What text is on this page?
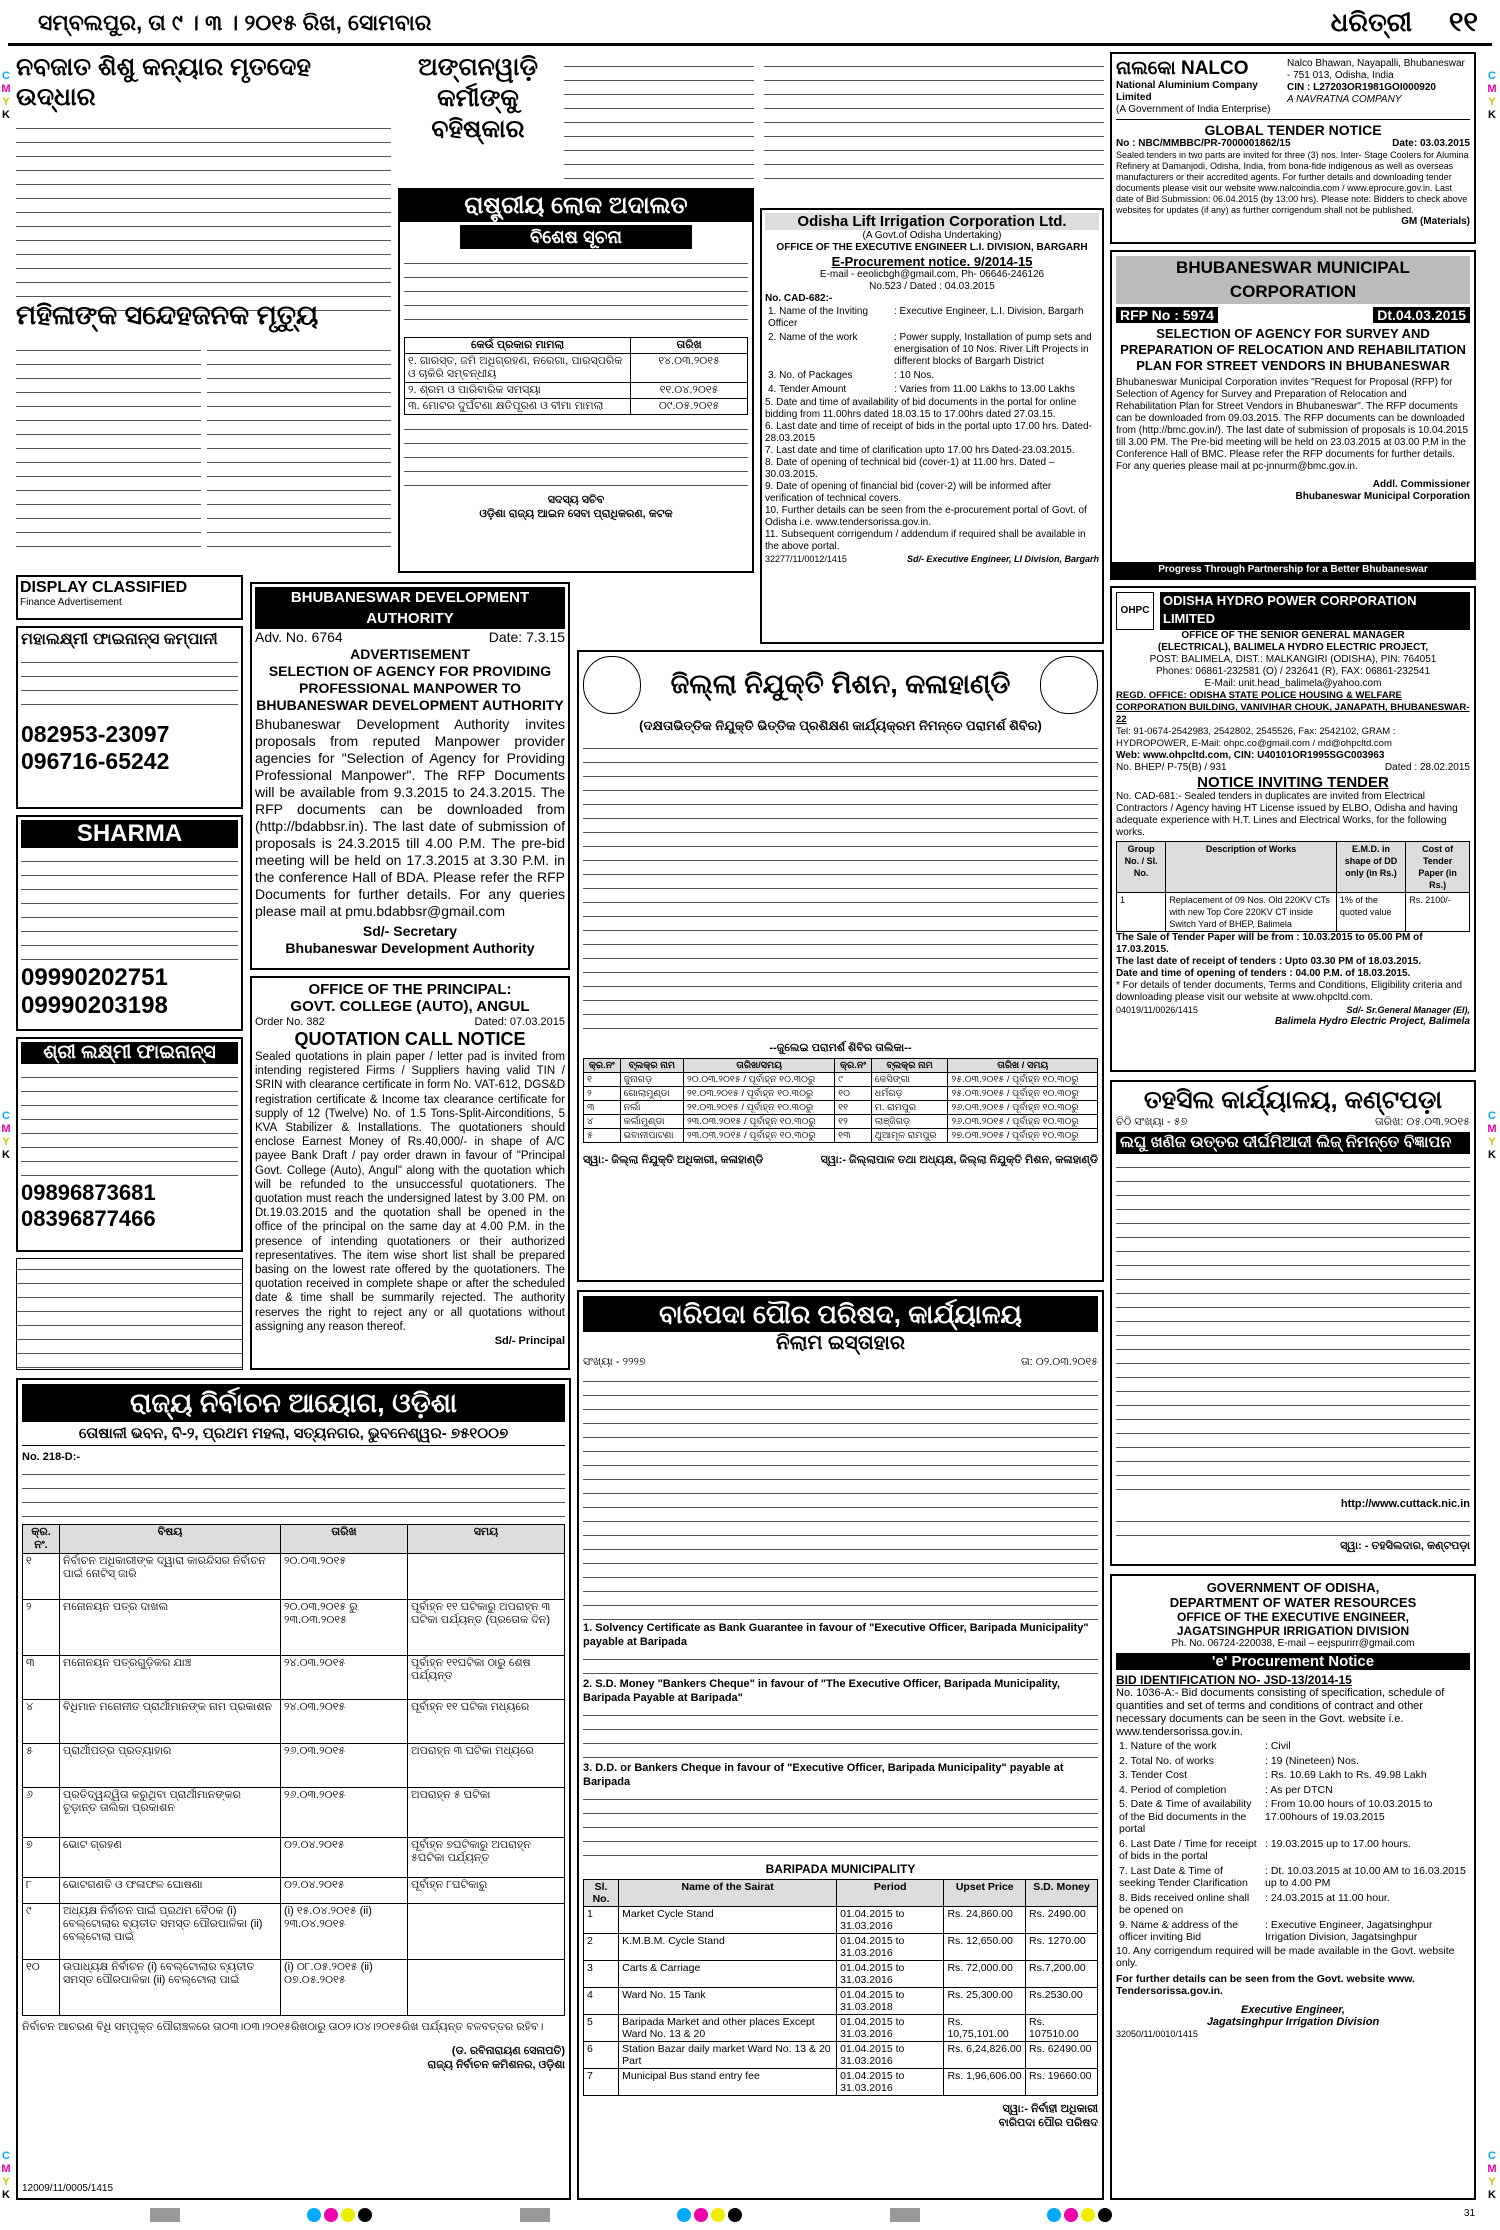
ସମ୍ବଲପୁର, ତା ୯ । ୩ । ୨୦୧୫ ରିଖ, ସୋମବାର	ଧରିତ୍ରୀ ୧୧
C
M
Y
K
C
M
Y
K
C
M
Y
K
C
M
Y
K
C
M
Y
K
C
M
Y
K
ନବଜାତ ଶିଶୁ କନ୍ୟାର ମୃତଦେହ ଉଦ୍ଧାର
ମହିଳାଙ୍କ ସନ୍ଦେହଜନକ ମୃତ୍ୟୁ
ଅଙ୍ଗନୱାଡ଼ି କର୍ମୀଙ୍କୁ ବହିଷ୍କାର
ନାଲକୋ NALCO
National Aluminium Company Limited
(A Government of India Enterprise)
Nalco Bhawan, Nayapalli, Bhubaneswar - 751 013, Odisha, India
CIN : L27203OR1981GOI000920
A NAVRATNA COMPANY
GLOBAL TENDER NOTICE
No : NBC/MMBBC/PR-7000001862/15	Date: 03.03.2015
Sealed tenders in two parts are invited for three (3) nos. Inter- Stage Coolers for Alumina Refinery at Damanjodi, Odisha, India, from bona-fide indigenous as well as overseas manufacturers or their accredited agents. For further details and downloading tender documents please visit our website www.nalcoindia.com / www.eprocure.gov.in. Last date of Bid Submission: 06.04.2015 (by 13:00 hrs). Please note: Bidders to check above websites for updates (if any) as further corrigendum shall not be published.
GM (Materials)
ରାଷ୍ଟ୍ରୀୟ ଲୋକ ଅଦାଲତ
ବିଶେଷ ସୂଚନା
କେଉଁ ପ୍ରକାର ମାମଲା	ତାରିଖ
୧. ଗାରସ୍ତ, ଜମି ଅଧିଗ୍ରହଣ, ନରେଗା, ପାରସ୍ପରିକ ଓ ଚାକିରି ସମ୍ବନ୍ଧୀୟ	୧୪.୦୩.୨୦୧୫
୨. ଶ୍ରମ ଓ ପାରିବାରିକ ସମସ୍ୟା	୧୧.୦୪.୨୦୧୫
୩. ମୋଟର ଦୁର୍ଘଟଣା କ୍ଷତିପୂରଣ ଓ ବୀମା ମାମଲା	୦୯.୦୫.୨୦୧୫
ସଦସ୍ୟ ସଚିବ
ଓଡ଼ିଶା ରାଜ୍ୟ ଆଇନ ସେବା ପ୍ରାଧିକରଣ, କଟକ
Odisha Lift Irrigation Corporation Ltd.
(A Govt.of Odisha Undertaking)
OFFICE OF THE EXECUTIVE ENGINEER L.I. DIVISION, BARGARH
E-Procurement notice. 9/2014-15
E-mail - eeolicbgh@gmail.com, Ph- 06646-246126
No.523 / Dated : 04.03.2015
No. CAD-682:-
1. Name of the Inviting Officer	: Executive Engineer, L.I. Division, Bargarh
2. Name of the work	: Power supply, Installation of pump sets and energisation of 10 Nos. River Lift Projects in different blocks of Bargarh District
3. No. of Packages	: 10 Nos.
4. Tender Amount	: Varies from 11.00 Lakhs to 13.00 Lakhs
5. Date and time of availability of bid documents in the portal for online bidding from 11.00hrs dated 18.03.15 to 17.00hrs dated 27.03.15.
6. Last date and time of receipt of bids in the portal upto 17.00 hrs. Dated-28.03.2015
7. Last date and time of clarification upto 17.00 hrs Dated-23.03.2015.
8. Date of opening of technical bid (cover-1) at 11.00 hrs. Dated – 30.03.2015.
9. Date of opening of financial bid (cover-2) will be informed after verification of technical covers.
10. Further details can be seen from the e-procurement portal of Govt. of Odisha i.e. www.tendersorissa.gov.in.
11. Subsequent corrigendum / addendum if required shall be available in the above portal.
32277/11/0012/1415	Sd/- Executive Engineer, LI Division, Bargarh
BHUBANESWAR MUNICIPAL CORPORATION
RFP No : 5974	Dt.04.03.2015
SELECTION OF AGENCY FOR SURVEY AND PREPARATION OF RELOCATION AND REHABILITATION PLAN FOR STREET VENDORS IN BHUBANESWAR
Bhubaneswar Municipal Corporation invites "Request for Proposal (RFP) for Selection of Agency for Survey and Preparation of Relocation and Rehabilitation Plan for Street Vendors in Bhubaneswar". The RFP documents can be downloaded from 09.03.2015. The RFP documents can be downloaded from (http://bmc.gov.in/). The last date of submission of proposals is 10.04.2015 till 3.00 PM. The Pre-bid meeting will be held on 23.03.2015 at 03.00 P.M in the Conference Hall of BMC. Please refer the RFP documents for further details. For any queries please mail at pc-jnnurm@bmc.gov.in.
Addl. Commissioner
Bhubaneswar Municipal Corporation
Progress Through Partnership for a Better Bhubaneswar
DISPLAY CLASSIFIED
Finance Advertisement
ମହାଲକ୍ଷ୍ମୀ ଫାଇନାନ୍ସ କମ୍ପାନୀ
082953-23097
096716-65242
SHARMA
09990202751
09990203198
ଶ୍ରୀ ଲକ୍ଷ୍ମୀ ଫାଇନାନ୍ସ
09896873681
08396877466
BHUBANESWAR DEVELOPMENT AUTHORITY
Adv. No. 6764	Date: 7.3.15
ADVERTISEMENT
SELECTION OF AGENCY FOR PROVIDING PROFESSIONAL MANPOWER TO BHUBANESWAR DEVELOPMENT AUTHORITY
Bhubaneswar Development Authority invites proposals from reputed Manpower provider agencies for "Selection of Agency for Providing Professional Manpower". The RFP Documents will be available from 9.3.2015 to 24.3.2015. The RFP documents can be downloaded from (http://bdabbsr.in). The last date of submission of proposals is 24.3.2015 till 4.00 P.M. The pre-bid meeting will be held on 17.3.2015 at 3.30 P.M. in the conference Hall of BDA. Please refer the RFP Documents for further details. For any queries please mail at pmu.bdabbsr@gmail.com
Sd/- Secretary
Bhubaneswar Development Authority
OFFICE OF THE PRINCIPAL:
GOVT. COLLEGE (AUTO), ANGUL
Order No. 382	Dated: 07.03.2015
QUOTATION CALL NOTICE
Sealed quotations in plain paper / letter pad is invited from intending registered Firms / Suppliers having valid TIN / SRIN with clearance certificate in form No. VAT-612, DGS&D registration certificate & Income tax clearance certificate for supply of 12 (Twelve) No. of 1.5 Tons-Split-Airconditions, 5 KVA Stabilizer & Installations. The quotationers should enclose Earnest Money of Rs.40,000/- in shape of A/C payee Bank Draft / pay order drawn in favour of "Principal Govt. College (Auto), Angul" along with the quotation which will be refunded to the unsuccessful quotationers. The quotation must reach the undersigned latest by 3.00 PM. on Dt.19.03.2015 and the quotation shall be opened in the office of the principal on the same day at 4.00 P.M. in the presence of intending quotationers or their authorized representatives. The item wise short list shall be prepared basing on the lowest rate offered by the quotationers. The quotation received in complete shape or after the scheduled date & time shall be summarily rejected. The authority reserves the right to reject any or all quotations without assigning any reason thereof.
Sd/- Principal
ଜିଲ୍ଲା ନିଯୁକ୍ତି ମିଶନ, କଳାହାଣ୍ଡି
(ଦକ୍ଷତାଭିତ୍ତିକ ନିଯୁକ୍ତି ଭିତ୍ତିକ ପ୍ରଶିକ୍ଷଣ କାର୍ଯ୍ୟକ୍ରମ ନିମନ୍ତେ ପରାମର୍ଶ ଶିବିର)
--ଜୁଲେଇ ପରାମର୍ଶ ଶିବିର ତାଲିକା--
କ୍ର.ନଂ	ବ୍ଲକ୍‌ର ନାମ	ତାରିଖ/ସମୟ	କ୍ର.ନଂ	ବ୍ଲକ୍‌ର ନାମ	ତାରିଖ / ସମୟ
୧	ଜୁନାଗଡ଼	୨୦.୦୩.୨୦୧୫ / ପୂର୍ବାହ୍ନ ୧୦.୩୦ରୁ	୯	କେସିଙ୍ଗା	୨୫.୦୩.୨୦୧୫ / ପୂର୍ବାହ୍ନ ୧୦.୩୦ରୁ
୨	ଗୋଲାମୁଣ୍ଡା	୨୧.୦୩.୨୦୧୫ / ପୂର୍ବାହ୍ନ ୧୦.୩୦ରୁ	୧୦	ଧର୍ମଗଡ଼	୨୫.୦୩.୨୦୧୫ / ପୂର୍ବାହ୍ନ ୧୦.୩୦ରୁ
୩	ନର୍ଲା	୨୧.୦୩.୨୦୧୫ / ପୂର୍ବାହ୍ନ ୧୦.୩୦ରୁ	୧୧	ମ. ରାମପୁର	୨୬.୦୩.୨୦୧୫ / ପୂର୍ବାହ୍ନ ୧୦.୩୦ରୁ
୪	କର୍ଲାମୁଣ୍ଡା	୨୩.୦୩.୨୦୧୫ / ପୂର୍ବାହ୍ନ ୧୦.୩୦ରୁ	୧୨	ଲାଞ୍ଜିଗଡ଼	୨୬.୦୩.୨୦୧୫ / ପୂର୍ବାହ୍ନ ୧୦.୩୦ରୁ
୫	ଭବାନୀପାଟଣା	୨୩.୦୩.୨୦୧୫ / ପୂର୍ବାହ୍ନ ୧୦.୩୦ରୁ	୧୩	ଥୁଆମୂଳ ରାମପୁର	୨୭.୦୩.୨୦୧୫ / ପୂର୍ବାହ୍ନ ୧୦.୩୦ରୁ
ସ୍ୱା:- ଜିଲ୍ଲା ନିଯୁକ୍ତି ଅଧିକାରୀ, କଳାହାଣ୍ଡି	ସ୍ୱା:- ଜିଲ୍ଲାପାଳ ତଥା ଅଧ୍ୟକ୍ଷ, ଜିଲ୍ଲା ନିଯୁକ୍ତି ମିଶନ, କଳାହାଣ୍ଡି
OHPC
ODISHA HYDRO POWER CORPORATION LIMITED
OFFICE OF THE SENIOR GENERAL MANAGER
(ELECTRICAL), BALIMELA HYDRO ELECTRIC PROJECT,
POST: BALIMELA, DIST.: MALKANGIRI (ODISHA), PIN: 764051
Phones: 06861-232581 (O) / 232641 (R), FAX: 06861-232541
E-Mail: unit.head_balimela@yahoo.com
REGD. OFFICE: ODISHA STATE POLICE HOUSING & WELFARE CORPORATION BUILDING, VANIVIHAR CHOUK, JANAPATH, BHUBANESWAR-22
Tel: 91-0674-2542983, 2542802, 2545526, Fax: 2542102, GRAM : HYDROPOWER, E-Mail: ohpc.co@gmail.com / md@ohpcltd.com
Web: www.ohpcltd.com, CIN: U40101OR1995SGC003963
No. BHEP/ P-75(B) / 931	Dated : 28.02.2015
NOTICE INVITING TENDER
No. CAD-681:- Sealed tenders in duplicates are invited from Electrical Contractors / Agency having HT License issued by ELBO, Odisha and having adequate experience with H.T. Lines and Electrical Works, for the following works.
Group No. / Sl. No.	Description of Works	E.M.D. in shape of DD only (in Rs.)	Cost of Tender Paper (in Rs.)
1	Replacement of 09 Nos. Old 220KV CTs with new Top Core 220KV CT inside Switch Yard of BHEP, Balimela	1% of the quoted value	Rs. 2100/-
The Sale of Tender Paper will be from : 10.03.2015 to 05.00 PM of 17.03.2015.
The last date of receipt of tenders : Upto 03.30 PM of 18.03.2015.
Date and time of opening of tenders : 04.00 P.M. of 18.03.2015.
* For details of tender documents, Terms and Conditions, Eligibility criteria and downloading please visit our website at www.ohpcltd.com.
04019/11/0026/1415	Sd/- Sr.General Manager (El),
Balimela Hydro Electric Project, Balimela
ତହସିଲ କାର୍ଯ୍ୟାଳୟ, କଣ୍ଟପଡ଼ା
ଚିଠି ସଂଖ୍ୟା - ୫୭	ତାରିଖ: ୦୫.୦୩.୨୦୧୫
ଲଘୁ ଖଣିଜ ଉତ୍ତର ଦୀର୍ଘମିଆଦୀ ଲିଜ୍ ନିମନ୍ତେ ବିଜ୍ଞାପନ
http://www.cuttack.nic.in
ସ୍ୱା: - ତହସିଲଦାର, କଣ୍ଟପଡ଼ା
GOVERNMENT OF ODISHA,
DEPARTMENT OF WATER RESOURCES
OFFICE OF THE EXECUTIVE ENGINEER,
JAGATSINGHPUR IRRIGATION DIVISION
Ph. No. 06724-220038, E-mail – eejspurirr@gmail.com
'e' Procurement Notice
BID IDENTIFICATION NO- JSD-13/2014-15
No. 1036-A:- Bid documents consisting of specification, schedule of quantities and set of terms and conditions of contract and other necessary documents can be seen in the Govt. website i.e. www.tendersorissa.gov.in.
1. Nature of the work	: Civil
2. Total No. of works	: 19 (Nineteen) Nos.
3. Tender Cost	: Rs. 10.69 Lakh to Rs. 49.98 Lakh
4. Period of completion	: As per DTCN
5. Date & Time of availability of the Bid documents in the portal	: From 10.00 hours of 10.03.2015 to 17.00hours of 19.03.2015
6. Last Date / Time for receipt of bids in the portal	: 19.03.2015 up to 17.00 hours.
7. Last Date & Time of seeking Tender Clarification	: Dt. 10.03.2015 at 10.00 AM to 16.03.2015 up to 4.00 PM
8. Bids received online shall be opened on	: 24.03.2015 at 11.00 hour.
9. Name & address of the officer inviting Bid	: Executive Engineer, Jagatsinghpur Irrigation Division, Jagatsinghpur
10. Any corrigendum required will be made available in the Govt. website only.
For further details can be seen from the Govt. website www. Tendersorissa.gov.in.
Executive Engineer,
Jagatsinghpur Irrigation Division
32050/11/0010/1415
ବାରିପଦା ପୌର ପରିଷଦ, କାର୍ଯ୍ୟାଳୟ
ନିଲାମ ଇସ୍ତାହାର
ସଂଖ୍ୟା - ୨୨୨୭	ତା: ୦୨.୦୩.୨୦୧୫
1. Solvency Certificate as Bank Guarantee in favour of "Executive Officer, Baripada Municipality" payable at Baripada
2. S.D. Money "Bankers Cheque" in favour of "The Executive Officer, Baripada Municipality, Baripada Payable at Baripada"
3. D.D. or Bankers Cheque in favour of "Executive Officer, Baripada Municipality" payable at Baripada
BARIPADA MUNICIPALITY
Sl. No.	Name of the Sairat	Period	Upset Price	S.D. Money
1	Market Cycle Stand	01.04.2015 to 31.03.2016	Rs. 24,860.00	Rs. 2490.00
2	K.M.B.M. Cycle Stand	01.04.2015 to 31.03.2016	Rs. 12,650.00	Rs. 1270.00
3	Carts & Carriage	01.04.2015 to 31.03.2016	Rs. 72,000.00	Rs.7,200.00
4	Ward No. 15 Tank	01.04.2015 to 31.03.2018	Rs. 25,300.00	Rs.2530.00
5	Baripada Market and other places Except Ward No. 13 & 20	01.04.2015 to 31.03.2016	Rs. 10,75,101.00	Rs. 107510.00
6	Station Bazar daily market Ward No. 13 & 20 Part	01.04.2015 to 31.03.2016	Rs. 6,24,826.00	Rs. 62490.00
7	Municipal Bus stand entry fee	01.04.2015 to 31.03.2016	Rs. 1,96,606.00	Rs. 19660.00
ସ୍ୱା:- ନିର୍ବାହୀ ଅଧିକାରୀ
ବାରିପଦା ପୌର ପରିଷଦ
ରାଜ୍ୟ ନିର୍ବାଚନ ଆୟୋଗ, ଓଡ଼ିଶା
ତୋଷାଳୀ ଭବନ, ବି-୨, ପ୍ରଥମ ମହଲା, ସତ୍ୟନଗର, ଭୁବନେଶ୍ୱର- ୭୫୧୦୦୭
No. 218-D:-
କ୍ର. ନଂ.	ବିଷୟ	ତାରିଖ	ସମୟ
୧	ନିର୍ବାଚନ ଅଧିକାରୀଙ୍କ ଦ୍ୱାରା କାରନ୍ଦିସର ନିର୍ବାଚନ ପାଇଁ ନୋଟିସ୍ ଜାରି	୨୦.୦୩.୨୦୧୫	
୨	ମନୋନୟନ ପତ୍ର ଦାଖଲ	୨୦.୦୩.୨୦୧୫ ରୁ ୨୩.୦୩.୨୦୧୫	ପୂର୍ବାହ୍ନ ୧୧ ଘଟିକାରୁ ଅପରାହ୍ନ ୩ ଘଟିକା ପର୍ଯ୍ୟନ୍ତ (ପ୍ରତୋକ ଦିନ)
୩	ମନୋନୟନ ପତ୍ରଗୁଡ଼ିକର ଯାଞ୍ଚ	୨୪.୦୩.୨୦୧୫	ପୂର୍ବାହ୍ନ ୧୧ଘଟିକା ଠାରୁ ଶେଷ ପର୍ଯ୍ୟନ୍ତ
୪	ବିଧିମାନ ମନୋନୀତ ପ୍ରାର୍ଥୀମାନଙ୍କ ନାମ ପ୍ରକାଶନ	୨୪.୦୩.୨୦୧୫	ପୂର୍ବାହ୍ନ ୧୧ ଘଟିକା ମଧ୍ୟରେ
୫	ପ୍ରାର୍ଥୀପତ୍ର ପ୍ରତ୍ୟାହାର	୨୬.୦୩.୨୦୧୫	ଅପରାହ୍ନ ୩ ଘଟିକା ମଧ୍ୟରେ
୬	ପ୍ରତିଦ୍ୱନ୍ଦ୍ୱିତା କରୁଥିବା ପ୍ରାର୍ଥୀମାନଙ୍କର ଚୂଡ଼ାନ୍ତ ତାଲିକା ପ୍ରକାଶନ	୨୬.୦୩.୨୦୧୫	ଅପରାହ୍ନ ୫ ଘଟିକା
୭	ଭୋଟ ଗ୍ରହଣ	୦୨.୦୪.୨୦୧୫	ପୂର୍ବାହ୍ନ ୭ଘଟିକାରୁ ଅପରାହ୍ନ ୫ଘଟିକା ପର୍ଯ୍ୟନ୍ତ
୮	ଭୋଟଗଣତି ଓ ଫଳାଫଳ ଘୋଷଣା	୦୨.୦୪.୨୦୧୫	ପୂର୍ବାହ୍ନ ୮ଘଟିକାରୁ
୯	ଅଧ୍ୟକ୍ଷ ନିର୍ବାଚନ ପାଇଁ ପ୍ରଥମ ବୈଠକ (i) ବେଲ୍ଟୋଲାର ବ୍ୟତୀତ ସମସ୍ତ ପୌରପାଳିକା (ii) ବେଲ୍ଟୋଲା ପାଇଁ	(i) ୧୫.୦୪.୨୦୧୫ (ii) ୨୩.୦୪.୨୦୧୫	
୧୦	ଉପାଧ୍ୟକ୍ଷ ନିର୍ବାଚନ (i) ବେଲ୍ଟୋଲାର ବ୍ୟତୀତ ସମସ୍ତ ପୌରପାଳିକା (ii) ବେଲ୍ଟୋଲା ପାଇଁ	(i) ୦୮.୦୫.୨୦୧୫ (ii) ୦୭.୦୫.୨୦୧୫	
ନିର୍ବାଚନ ଆଚରଣ ବିଧି ସମ୍ପୃକ୍ତ ପୌରାଞ୍ଚଳରେ ତା୦୩।୦୩।୨୦୧୫ରିଖଠାରୁ ତା୦୨।୦୪।୨୦୧୫ରିଖ ପର୍ଯ୍ୟନ୍ତ ବଳବତ୍ତର ରହିବ।
(ଡ. ରବିନାରାୟଣ ସେନାପତି)
ରାଜ୍ୟ ନିର୍ବାଚନ କମିଶନର, ଓଡ଼ିଶା
12009/11/0005/1415

31
